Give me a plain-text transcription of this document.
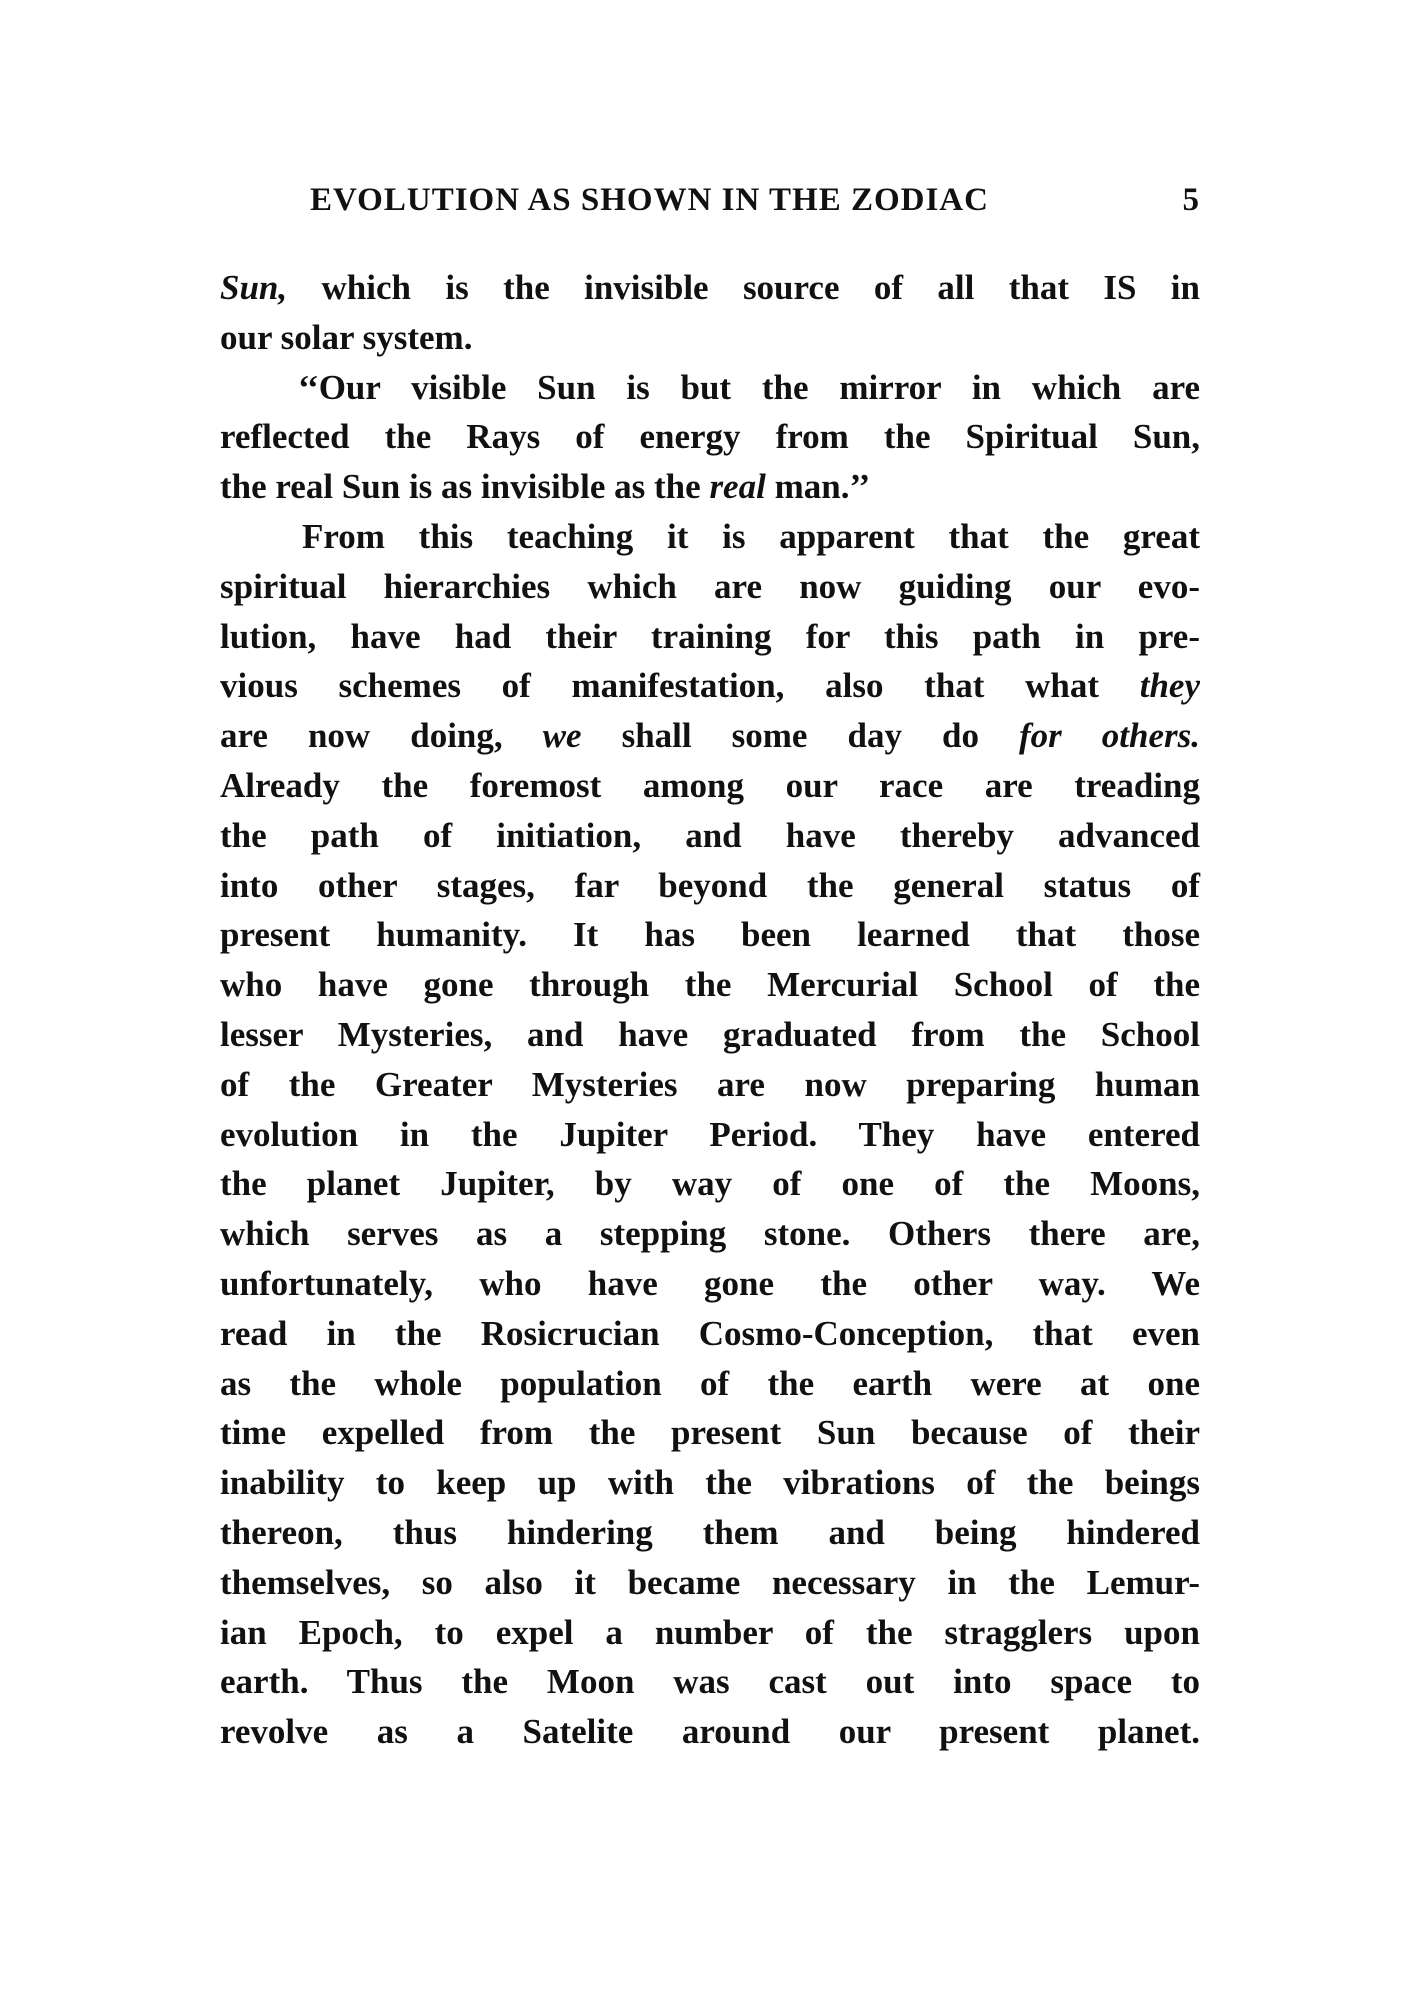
EVOLUTION AS SHOWN IN THE ZODIAC	5
Sun, which is the invisible source of all that IS in
our solar system.
‘‘Our visible Sun is but the mirror in which are
reflected the Rays of energy from the Spiritual Sun,
the real Sun is as invisible as the real man.’’
From this teaching it is apparent that the great
spiritual hierarchies which are now guiding our evo-
lution, have had their training for this path in pre-
vious schemes of manifestation, also that what they
are now doing, we shall some day do for others.
Already the foremost among our race are treading
the path of initiation, and have thereby advanced
into other stages, far beyond the general status of
present humanity. It has been learned that those
who have gone through the Mercurial School of the
lesser Mysteries, and have graduated from the School
of the Greater Mysteries are now preparing human
evolution in the Jupiter Period. They have entered
the planet Jupiter, by way of one of the Moons,
which serves as a stepping stone. Others there are,
unfortunately, who have gone the other way. We
read in the Rosicrucian Cosmo-Conception, that even
as the whole population of the earth were at one
time expelled from the present Sun because of their
inability to keep up with the vibrations of the beings
thereon, thus hindering them and being hindered
themselves, so also it became necessary in the Lemur-
ian Epoch, to expel a number of the stragglers upon
earth. Thus the Moon was cast out into space to
revolve as a Satelite around our present planet.
